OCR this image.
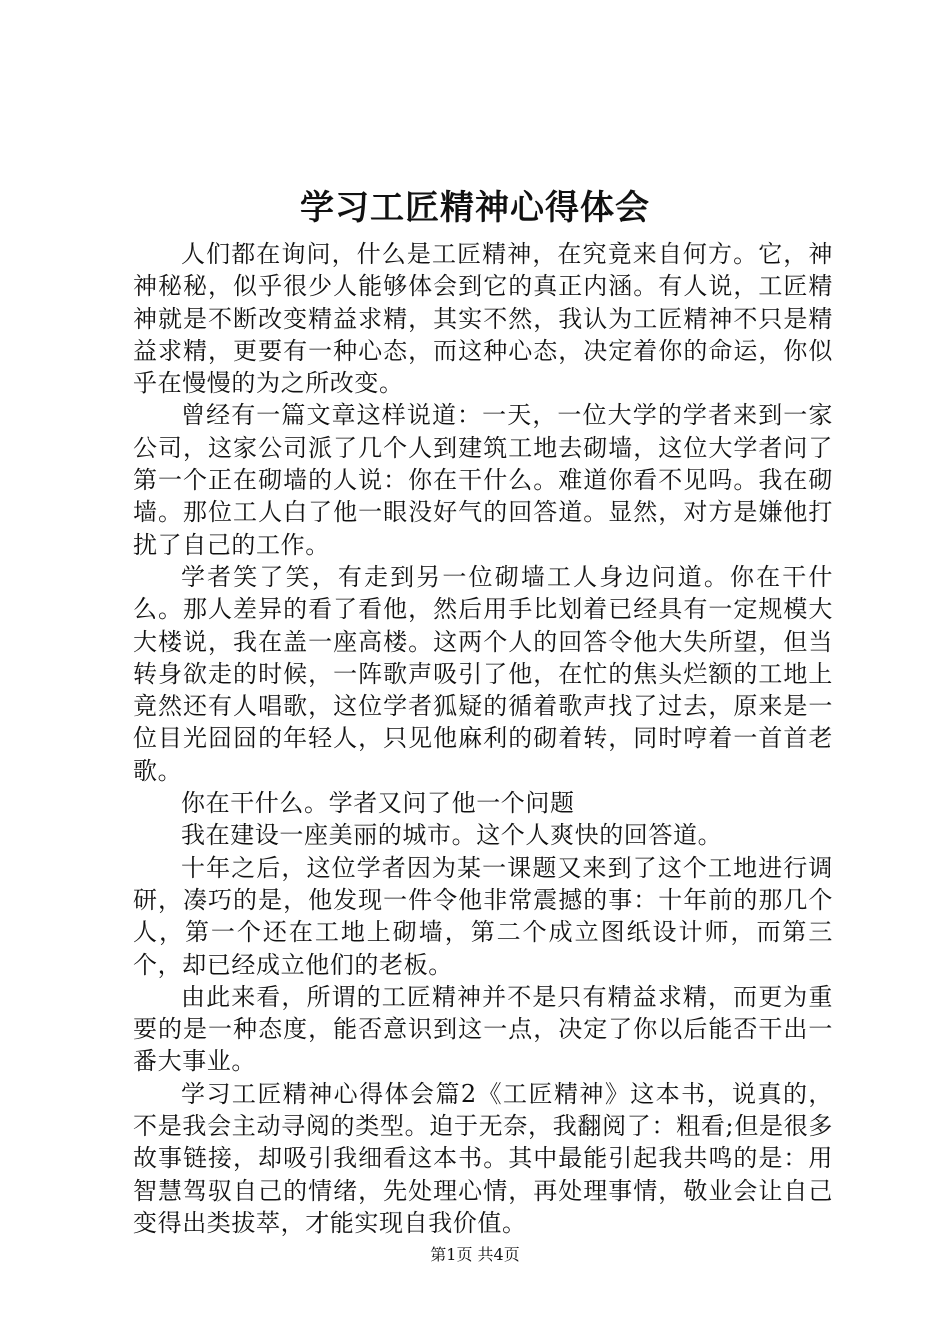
学习工匠精神心得体会

人们都在询问，什么是工匠精神，在究竟来自何方。它，神神秘秘，似乎很少人能够体会到它的真正内涵。有人说，工匠精神就是不断改变精益求精，其实不然，我认为工匠精神不只是精益求精，更要有一种心态，而这种心态，决定着你的命运，你似乎在慢慢的为之所改变。

曾经有一篇文章这样说道：一天，一位大学的学者来到一家公司，这家公司派了几个人到建筑工地去砌墙，这位大学者问了第一个正在砌墙的人说：你在干什么。难道你看不见吗。我在砌墙。那位工人白了他一眼没好气的回答道。显然，对方是嫌他打扰了自己的工作。

学者笑了笑，有走到另一位砌墙工人身边问道。你在干什么。那人差异的看了看他，然后用手比划着已经具有一定规模大大楼说，我在盖一座高楼。这两个人的回答令他大失所望，但当转身欲走的时候，一阵歌声吸引了他，在忙的焦头烂额的工地上竟然还有人唱歌，这位学者狐疑的循着歌声找了过去，原来是一位目光囧囧的年轻人，只见他麻利的砌着转，同时哼着一首首老歌。

你在干什么。学者又问了他一个问题

我在建设一座美丽的城市。这个人爽快的回答道。

十年之后，这位学者因为某一课题又来到了这个工地进行调研，凑巧的是，他发现一件令他非常震撼的事：十年前的那几个人，第一个还在工地上砌墙，第二个成立图纸设计师，而第三个，却已经成立他们的老板。

由此来看，所谓的工匠精神并不是只有精益求精，而更为重要的是一种态度，能否意识到这一点，决定了你以后能否干出一番大事业。

学习工匠精神心得体会篇2《工匠精神》这本书，说真的，不是我会主动寻阅的类型。迫于无奈，我翻阅了：粗看;但是很多故事链接，却吸引我细看这本书。其中最能引起我共鸣的是：用智慧驾驭自己的情绪，先处理心情，再处理事情，敬业会让自己变得出类拔萃，才能实现自我价值。

第1页 共4页
